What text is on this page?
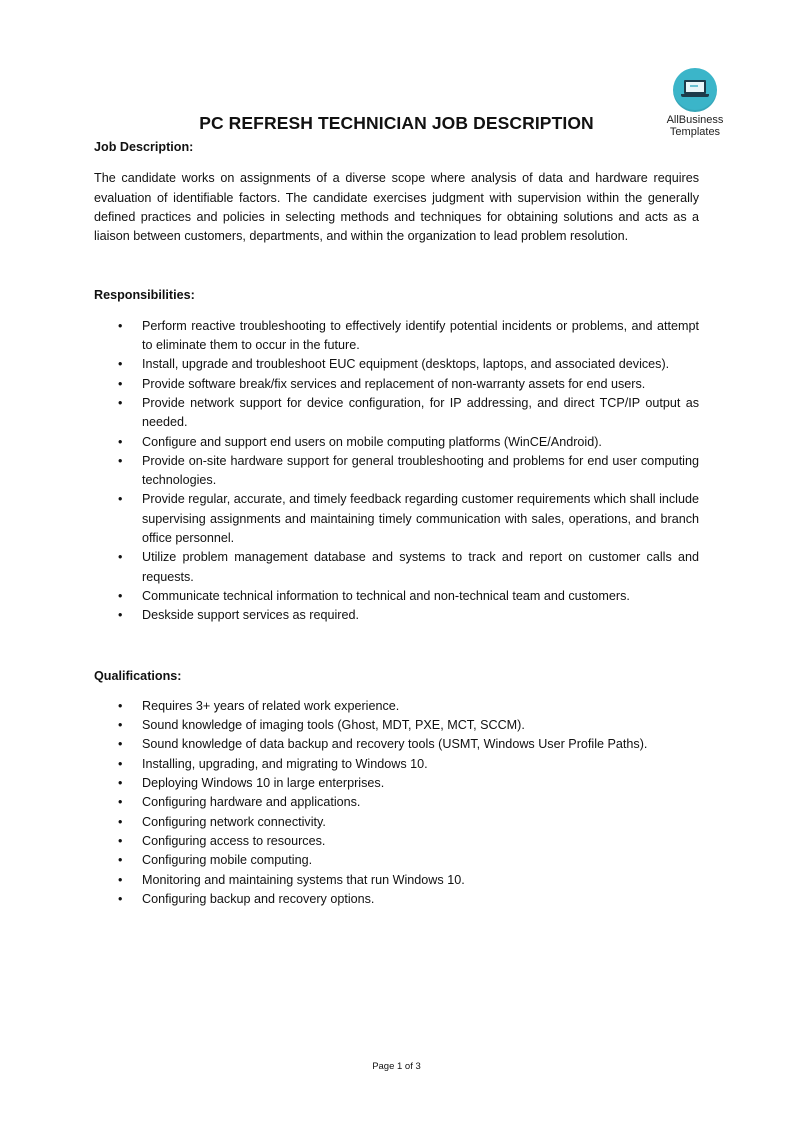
AllBusiness
Templates
PC REFRESH TECHNICIAN JOB DESCRIPTION

Job Description:

The candidate works on assignments of a diverse scope where analysis of data and hardware requires evaluation of identifiable factors. The candidate exercises judgment with supervision within the generally defined practices and policies in selecting methods and techniques for obtaining solutions and acts as a liaison between customers, departments, and within the organization to lead problem resolution.

Responsibilities:

• Perform reactive troubleshooting to effectively identify potential incidents or problems, and attempt to eliminate them to occur in the future.
• Install, upgrade and troubleshoot EUC equipment (desktops, laptops, and associated devices).
• Provide software break/fix services and replacement of non-warranty assets for end users.
• Provide network support for device configuration, for IP addressing, and direct TCP/IP output as needed.
• Configure and support end users on mobile computing platforms (WinCE/Android).
• Provide on-site hardware support for general troubleshooting and problems for end user computing technologies.
• Provide regular, accurate, and timely feedback regarding customer requirements which shall include supervising assignments and maintaining timely communication with sales, operations, and branch office personnel.
• Utilize problem management database and systems to track and report on customer calls and requests.
• Communicate technical information to technical and non-technical team and customers.
• Deskside support services as required.

Qualifications:

• Requires 3+ years of related work experience.
• Sound knowledge of imaging tools (Ghost, MDT, PXE, MCT, SCCM).
• Sound knowledge of data backup and recovery tools (USMT, Windows User Profile Paths).
• Installing, upgrading, and migrating to Windows 10.
• Deploying Windows 10 in large enterprises.
• Configuring hardware and applications.
• Configuring network connectivity.
• Configuring access to resources.
• Configuring mobile computing.
• Monitoring and maintaining systems that run Windows 10.
• Configuring backup and recovery options.
Page 1 of 3
